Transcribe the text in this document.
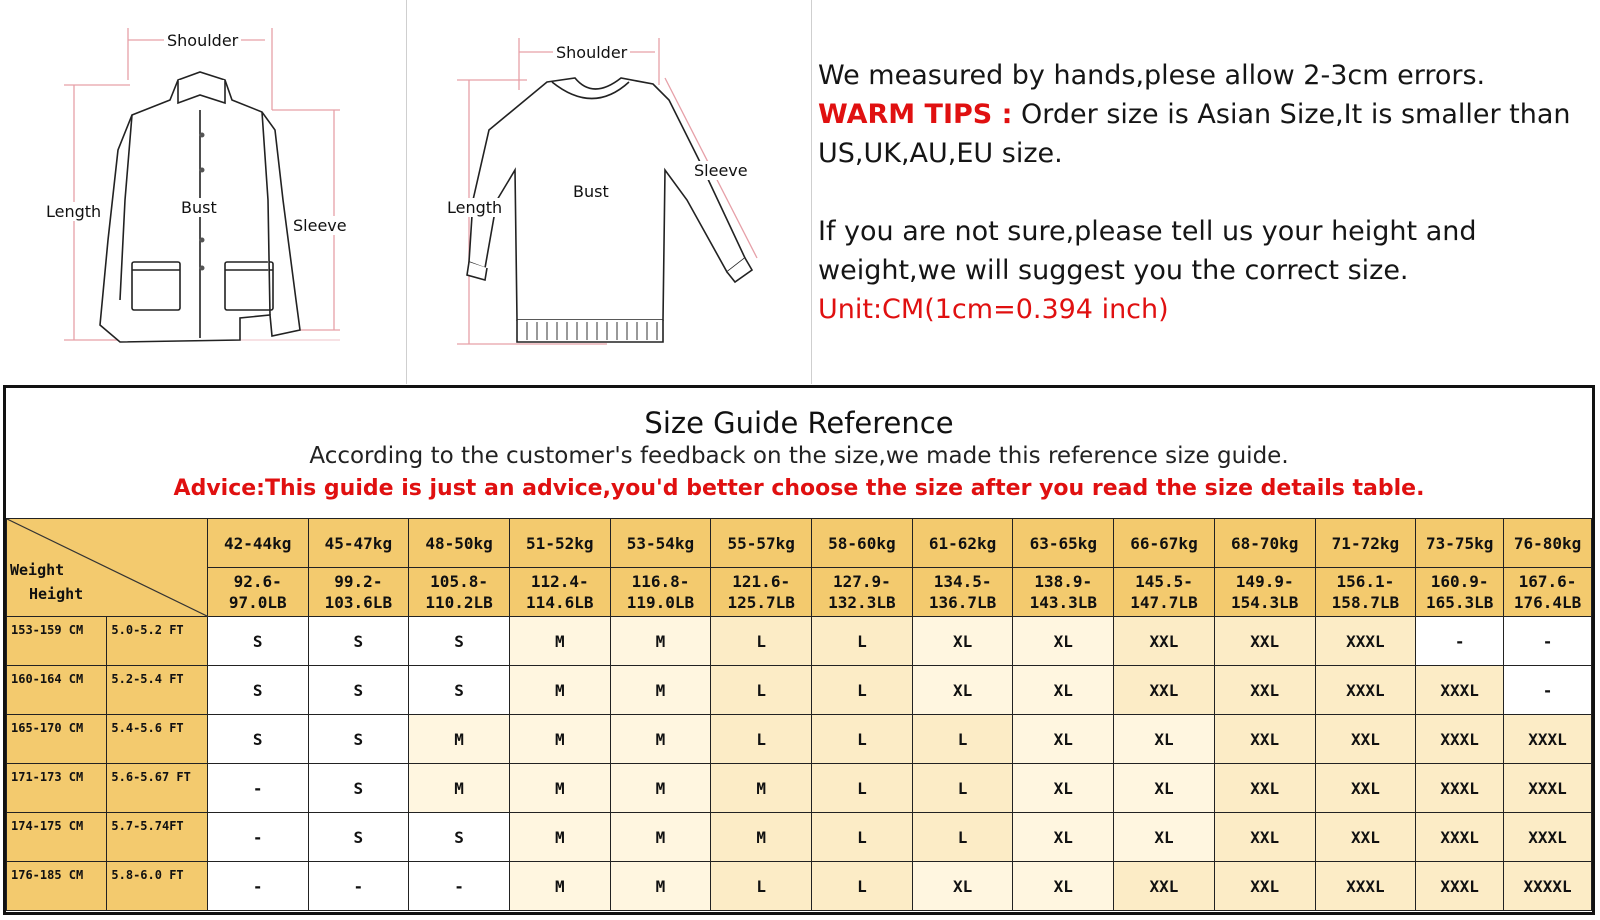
Shoulder
Length	Bust
Sleeve
Shoulder
Length
Bust
Sleeve

We measured by hands,plese allow 2-3cm errors.

WARM TIPS : Order size is Asian Size,It is smaller than US,UK,AU,EU size.

If you are not sure,please tell us your height and weight,we will suggest you the correct size.

Unit:CM(1cm=0.394 inch)

Size Guide Reference
According to the customer's feedback on the size,we made this reference size guide.
Advice:This guide is just an advice,you'd better choose the size after you read the size details table.
Weight
Height		42-44kg	45-47kg	48-50kg	51-52kg	53-54kg	55-57kg	58-60kg	61-62kg	63-65kg	66-67kg	68-70kg	71-72kg	73-75kg	76-80kg
		92.6-97.0LB	99.2-103.6LB	105.8-110.2LB	112.4-114.6LB	116.8-119.0LB	121.6-125.7LB	127.9-132.3LB	134.5-136.7LB	138.9-143.3LB	145.5-147.7LB	149.9-154.3LB	156.1-158.7LB	160.9-165.3LB	167.6-176.4LB
153-159 CM	5.0-5.2 FT	S	S	S	M	M	L	L	XL	XL	XXL	XXL	XXXL	-	-
160-164 CM	5.2-5.4 FT	S	S	S	M	M	L	L	XL	XL	XXL	XXL	XXXL	XXXL	-
165-170 CM	5.4-5.6 FT	S	S	M	M	M	L	L	L	XL	XL	XXL	XXL	XXXL	XXXL
171-173 CM	5.6-5.67 FT	-	S	M	M	M	M	L	L	XL	XL	XXL	XXL	XXXL	XXXL
174-175 CM	5.7-5.74FT	-	S	S	M	M	M	L	L	XL	XL	XXL	XXL	XXXL	XXXL
176-185 CM	5.8-6.0 FT	-	-	-	M	M	L	L	XL	XL	XXL	XXL	XXXL	XXXL	XXXXL
